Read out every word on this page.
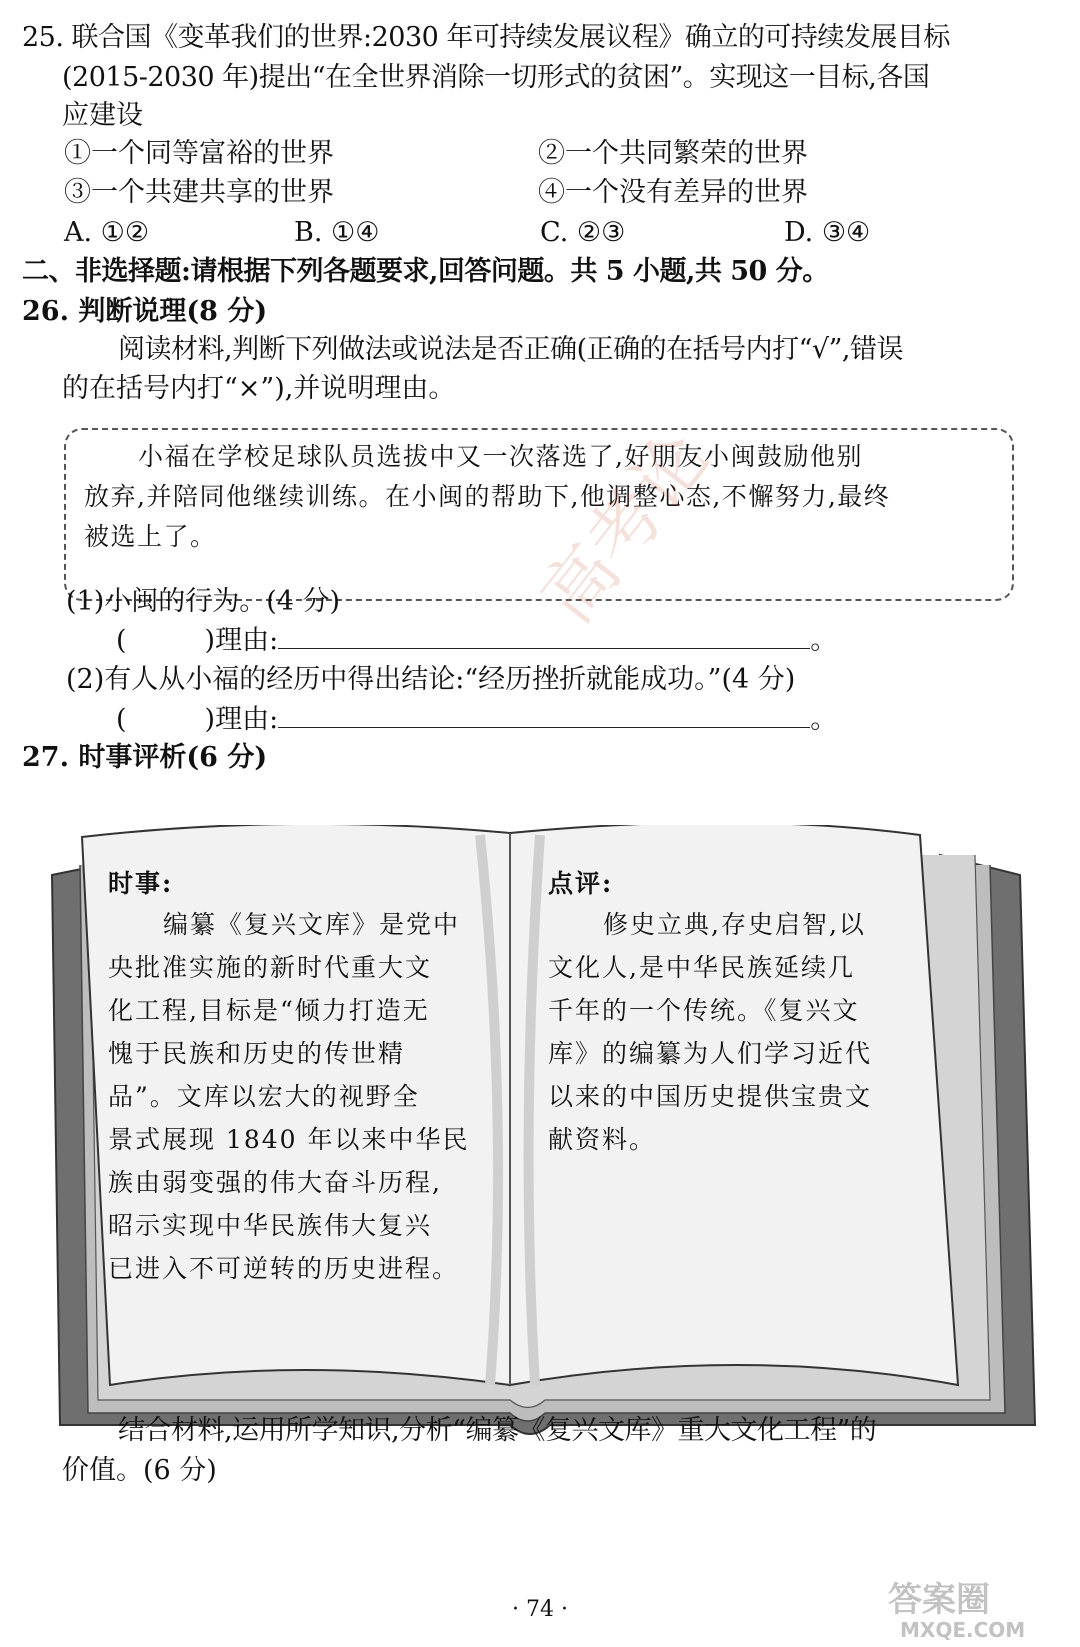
25. 联合国《变革我们的世界:2030 年可持续发展议程》确立的可持续发展目标
(2015-2030 年)提出“在全世界消除一切形式的贫困”。实现这一目标,各国
应建设
①一个同等富裕的世界	②一个共同繁荣的世界
③一个共建共享的世界	④一个没有差异的世界
A. ①②	B. ①④	C. ②③	D. ③④
二、非选择题:请根据下列各题要求,回答问题。共 5 小题,共 50 分。
26. 判断说理(8 分)
阅读材料,判断下列做法或说法是否正确(正确的在括号内打“√”,错误
的在括号内打“×”),并说明理由。
小福在学校足球队员选拔中又一次落选了,好朋友小闽鼓励他别
放弃,并陪同他继续训练。在小闽的帮助下,他调整心态,不懈努力,最终
被选上了。
(1)小闽的行为。(4 分)
(	)理由:	。
(2)有人从小福的经历中得出结论:“经历挫折就能成功。”(4 分)
(	)理由:	。
高考论
27. 时事评析(6 分)
时事:
编纂《复兴文库》是党中
央批准实施的新时代重大文
化工程,目标是“倾力打造无
愧于民族和历史的传世精
品”。文库以宏大的视野全
景式展现 1840 年以来中华民
族由弱变强的伟大奋斗历程,
昭示实现中华民族伟大复兴
已进入不可逆转的历史进程。
点评:
修史立典,存史启智,以
文化人,是中华民族延续几
千年的一个传统。《复兴文
库》的编纂为人们学习近代
以来的中国历史提供宝贵文
献资料。
结合材料,运用所学知识,分析“编纂《复兴文库》重大文化工程”的
价值。(6 分)
· 74 ·	答案圈
MXQE.COM
